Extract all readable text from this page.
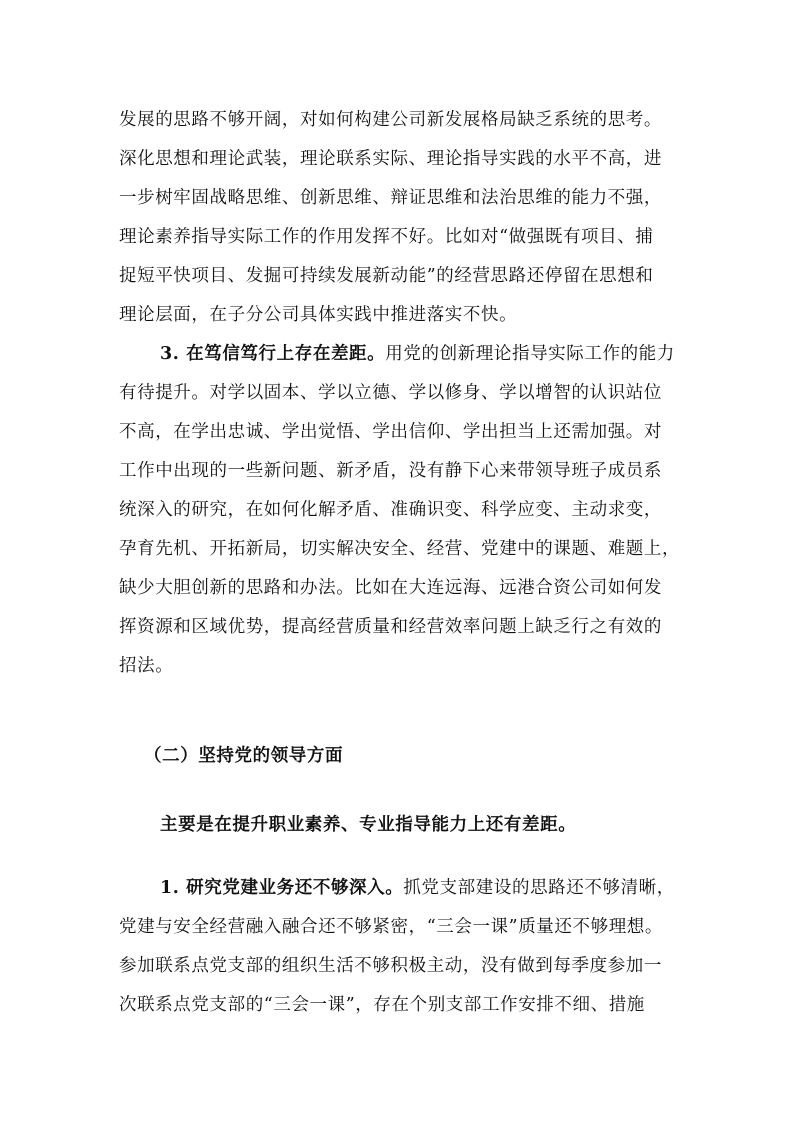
发展的思路不够开阔，对如何构建公司新发展格局缺乏系统的思考。
深化思想和理论武装，理论联系实际、理论指导实践的水平不高，进
一步树牢固战略思维、创新思维、辩证思维和法治思维的能力不强，
理论素养指导实际工作的作用发挥不好。比如对“做强既有项目、捕
捉短平快项目、发掘可持续发展新动能”的经营思路还停留在思想和
理论层面，在子分公司具体实践中推进落实不快。
3. 在笃信笃行上存在差距。用党的创新理论指导实际工作的能力
有待提升。对学以固本、学以立德、学以修身、学以增智的认识站位
不高，在学出忠诚、学出觉悟、学出信仰、学出担当上还需加强。对
工作中出现的一些新问题、新矛盾，没有静下心来带领导班子成员系
统深入的研究，在如何化解矛盾、准确识变、科学应变、主动求变，
孕育先机、开拓新局，切实解决安全、经营、党建中的课题、难题上，
缺少大胆创新的思路和办法。比如在大连远海、远港合资公司如何发
挥资源和区域优势，提高经营质量和经营效率问题上缺乏行之有效的
招法。
（二）坚持党的领导方面
主要是在提升职业素养、专业指导能力上还有差距。
1. 研究党建业务还不够深入。抓党支部建设的思路还不够清晰，
党建与安全经营融入融合还不够紧密，“三会一课”质量还不够理想。
参加联系点党支部的组织生活不够积极主动，没有做到每季度参加一
次联系点党支部的“三会一课”，存在个别支部工作安排不细、措施
